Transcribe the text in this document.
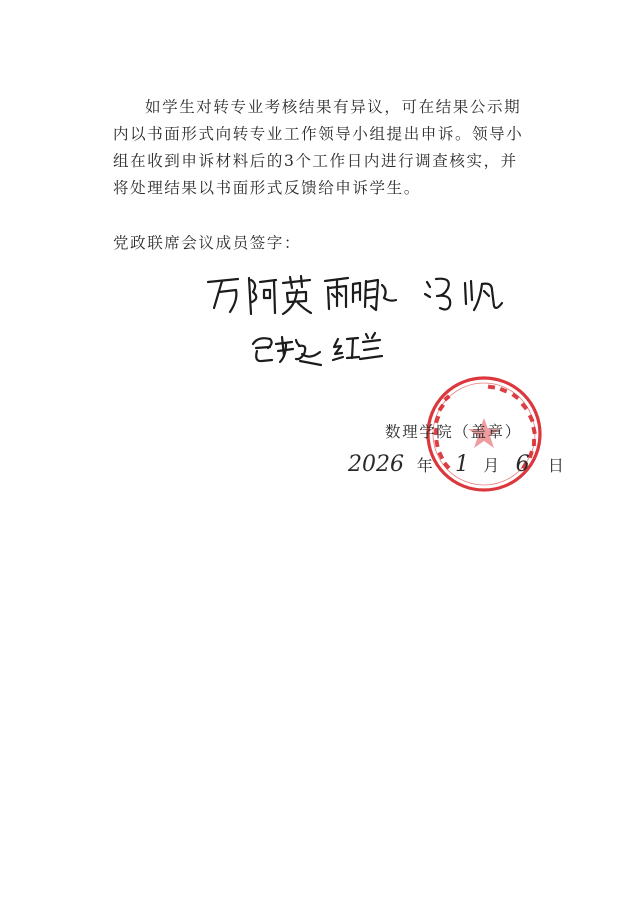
如学生对转专业考核结果有异议，可在结果公示期内以书面形式向转专业工作领导小组提出申诉。领导小组在收到申诉材料后的3个工作日内进行调查核实，并将处理结果以书面形式反馈给申诉学生。

党政联席会议成员签字：
数理学院（盖章）
2026 年 1 月 6 日
